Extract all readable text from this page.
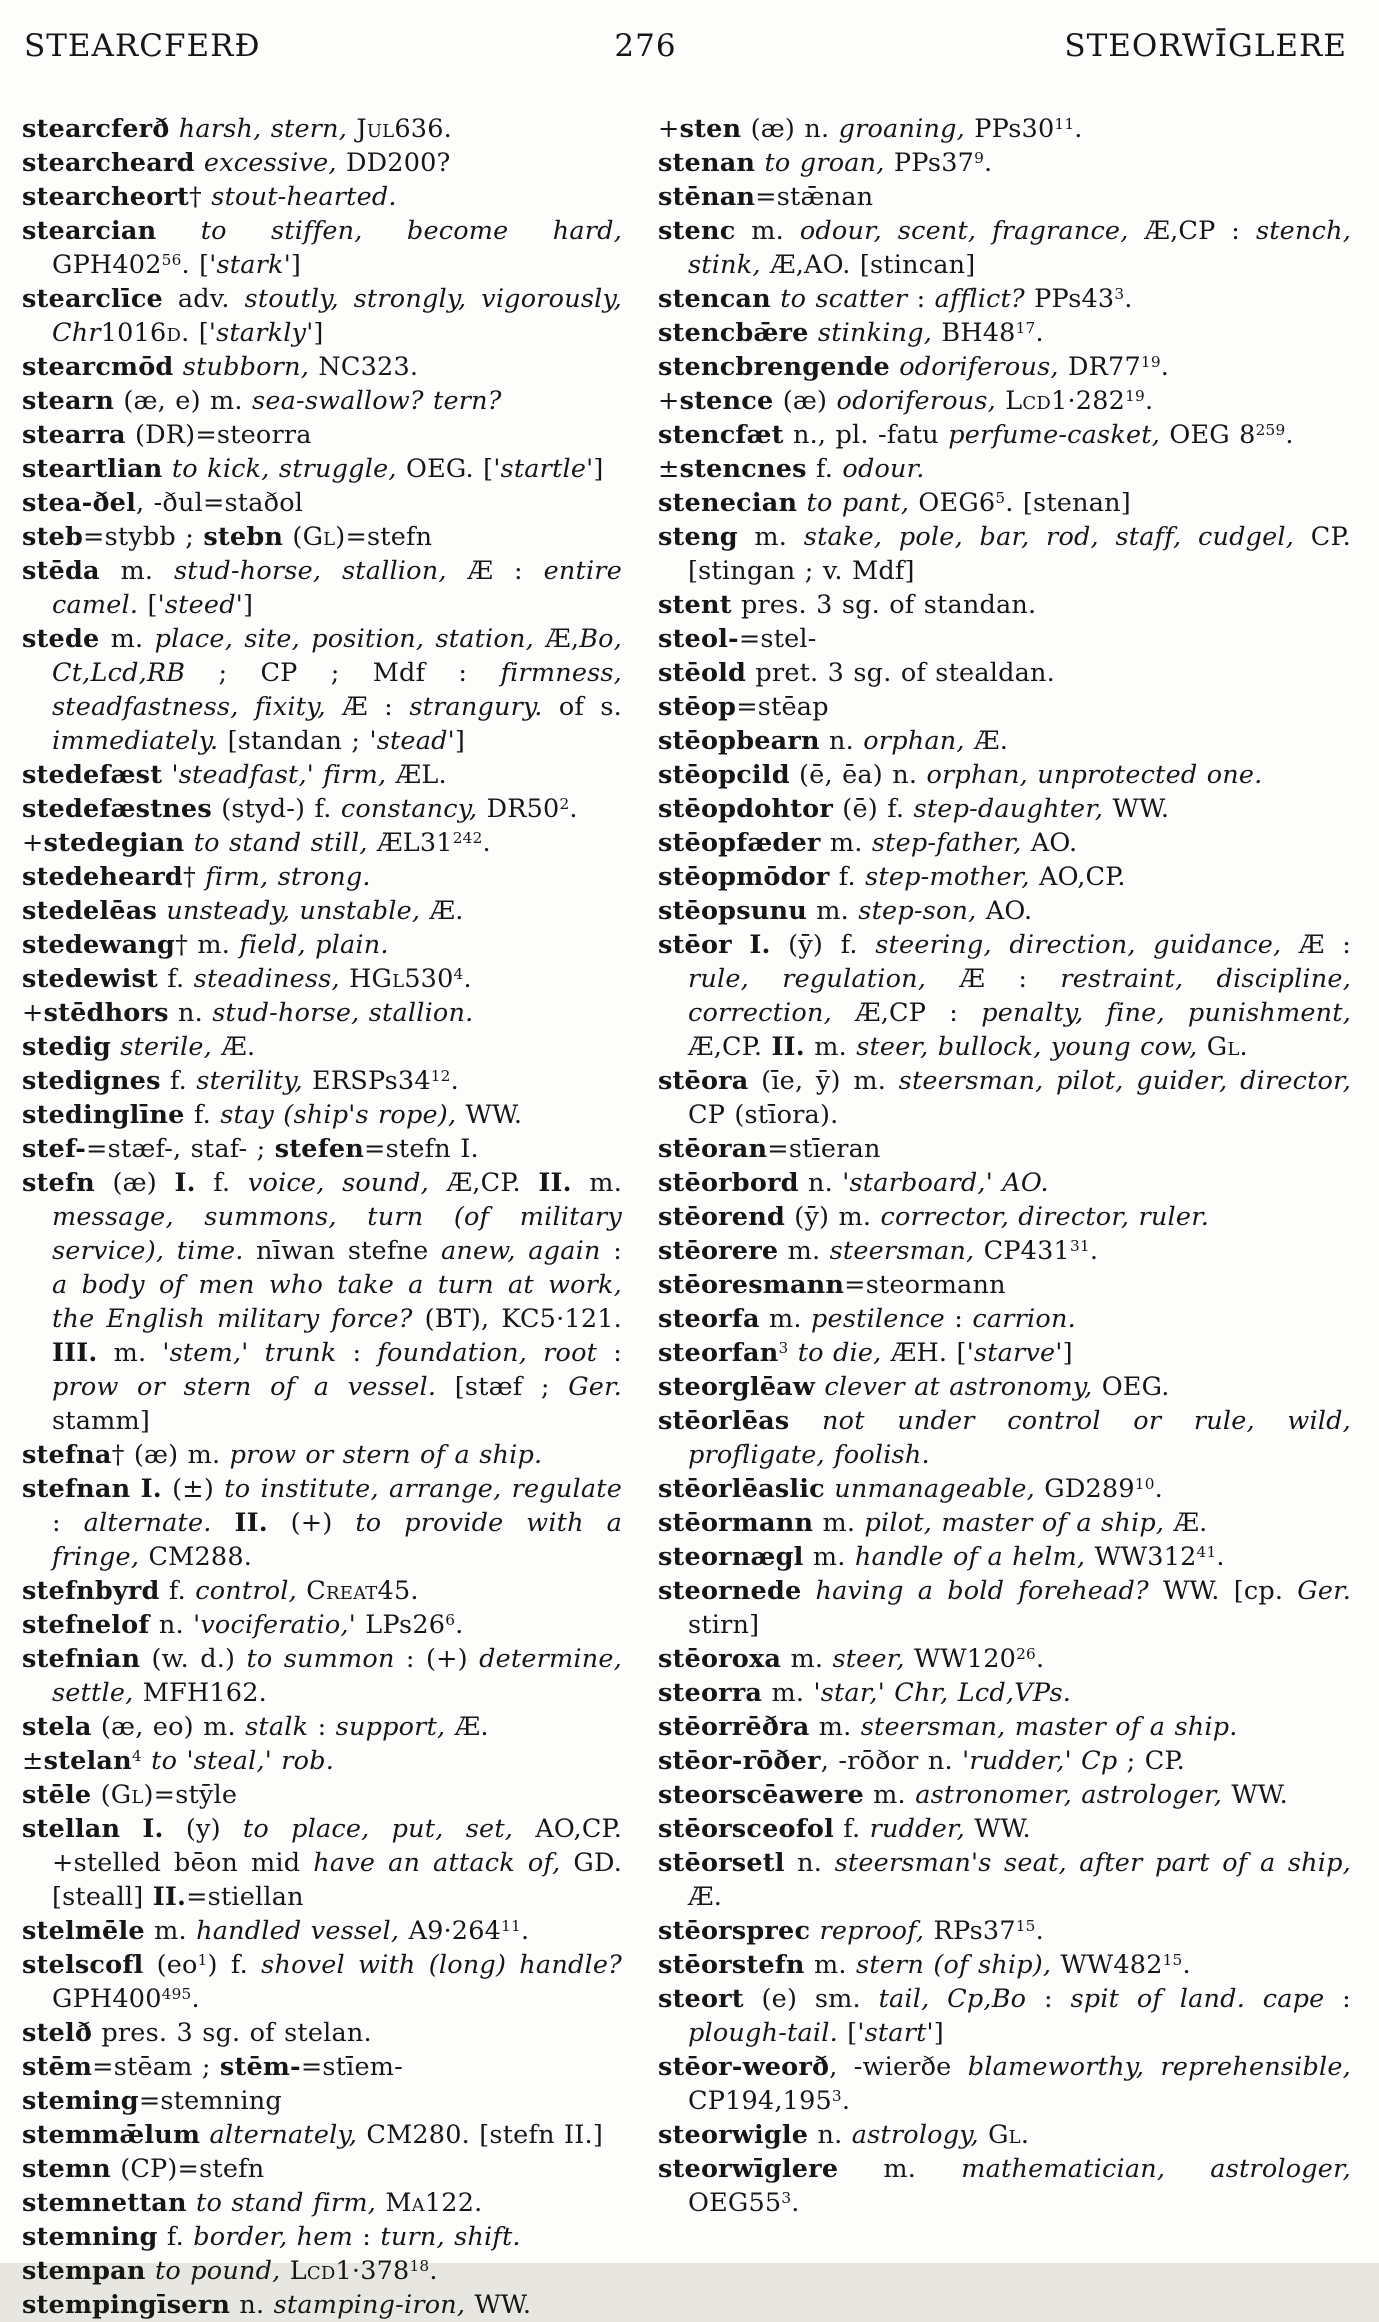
STEARCFERÐ	276	STEORWĪGLERE

stearcferð harsh, stern, Jul636.

stearcheard excessive, DD200?

stearcheort† stout-hearted.

stearcian to stiffen, become hard, $GPH402^{56}$. ['stark']

stearclīce adv. stoutly, strongly, vigorously, Chr1016d. ['starkly']

stearcmōd stubborn, NC323.

stearn (æ, e) m. sea-swallow? tern?

stearra (DR)=steorra

steartlian to kick, struggle, OEG. ['startle']

stea-ðel, -ðul=staðol

steb=stybb ; stebn (Gl)=stefn

stēda m. stud-horse, stallion, Æ : entire camel. ['steed']

stede m. place, site, position, station, Æ,Bo, Ct,Lcd,RB ; CP ; Mdf : firmness, steadfastness, fixity, Æ : strangury. of s. immediately. [standan ; 'stead']

stedefæst 'steadfast,' firm, ÆL.

stedefæstnes (styd-) f. constancy, $DR50^2$.

+stedegian to stand still, $ÆL31^{242}$.

stedeheard† firm, strong.

stedelēas unsteady, unstable, Æ.

stedewang† m. field, plain.

stedewist f. steadiness, $HGl530^4$.

+stēdhors n. stud-horse, stallion.

stedig sterile, Æ.

stedignes f. sterility, $ERSPs34^{12}$.

stedinglīne f. stay (ship's rope), WW.

stef-=stæf-, staf- ; stefen=stefn I.

stefn (æ) I. f. voice, sound, Æ,CP. II. m. message, summons, turn (of military service), time. nīwan stefne anew, again : a body of men who take a turn at work, the English military force? (BT), KC5·121. III. m. 'stem,' trunk : foundation, root : prow or stern of a vessel. [stæf ; Ger. stamm]

stefna† (æ) m. prow or stern of a ship.

stefnan I. (±) to institute, arrange, regulate : alternate. II. (+) to provide with a fringe, CM288.

stefnbyrd f. control, Creat45.

stefnelof n. 'vociferatio,' $LPs26^6$.

stefnian (w. d.) to summon : (+) determine, settle, MFH162.

stela (æ, eo) m. stalk : support, Æ.

±stelan$^4$ to 'steal,' rob.

stēle (Gl)=stȳle

stellan I. (y) to place, put, set, AO,CP. +stelled bēon mid have an attack of, GD. [steall] II.=stiellan

stelmēle m. handled vessel, $A9\cdot 264^{11}$.

stelscofl $(eo^1)$ f. shovel with (long) handle? $GPH400^{495}$.

stelð pres. 3 sg. of stelan.

stēm=stēam ; stēm-=stīem-

steming=stemning

stemmǣlum alternately, CM280. [stefn II.]

stemn (CP)=stefn

stemnettan to stand firm, Ma122.

stemning f. border, hem : turn, shift.

stempan to pound, $Lcd1\cdot 378^{18}$.

stempingīsern n. stamping-iron, WW.

+sten (æ) n. groaning, $PPs30^{11}$.

stenan to groan, $PPs37^9$.

stēnan=stǣnan

stenc m. odour, scent, fragrance, Æ,CP : stench, stink, Æ,AO. [stincan]

stencan to scatter : afflict? $PPs43^3$.

stencbǣre stinking, $BH48^{17}$.

stencbrengende odoriferous, $DR77^{19}$.

+stence (æ) odoriferous, $Lcd1\cdot 282^{19}$.

stencfæt n., pl. -fatu perfume-casket, OEG $8^{259}$.

±stencnes f. odour.

stenecian to pant, $OEG6^5$. [stenan]

steng m. stake, pole, bar, rod, staff, cudgel, CP. [stingan ; v. Mdf]

stent pres. 3 sg. of standan.

steol-=stel-

stēold pret. 3 sg. of stealdan.

stēop=stēap

stēopbearn n. orphan, Æ.

stēopcild (ē, ēa) n. orphan, unprotected one.

stēopdohtor (ē) f. step-daughter, WW.

stēopfæder m. step-father, AO.

stēopmōdor f. step-mother, AO,CP.

stēopsunu m. step-son, AO.

stēor I. (ȳ) f. steering, direction, guidance, Æ : rule, regulation, Æ : restraint, discipline, correction, Æ,CP : penalty, fine, punishment, Æ,CP. II. m. steer, bullock, young cow, Gl.

stēora (īe, ȳ) m. steersman, pilot, guider, director, CP (stīora).

stēoran=stīeran

stēorbord n. 'starboard,' AO.

stēorend (ȳ) m. corrector, director, ruler.

stēorere m. steersman, $CP431^{31}$.

stēoresmann=steormann

steorfa m. pestilence : carrion.

steorfan$^3$ to die, ÆH. ['starve']

steorglēaw clever at astronomy, OEG.

stēorlēas not under control or rule, wild, profligate, foolish.

stēorlēaslic unmanageable, $GD289^{10}$.

stēormann m. pilot, master of a ship, Æ.

steornægl m. handle of a helm, $WW312^{41}$.

steornede having a bold forehead? WW. [cp. Ger. stirn]

stēoroxa m. steer, $WW120^{26}$.

steorra m. 'star,' Chr, Lcd,VPs.

stēorrēðra m. steersman, master of a ship.

stēor-rōðer, -rōðor n. 'rudder,' Cp ; CP.

steorscēawere m. astronomer, astrologer, WW.

stēorsceofol f. rudder, WW.

stēorsetl n. steersman's seat, after part of a ship, Æ.

stēorsprec reproof, $RPs37^{15}$.

stēorstefn m. stern (of ship), $WW482^{15}$.

steort (e) sm. tail, Cp,Bo : spit of land. cape : plough-tail. ['start']

stēor-weorð, -wierðe blameworthy, reprehensible, CP194,195$^3$.

steorwigle n. astrology, Gl.

steorwīglere m. mathematician, astrologer, $OEG55^3$.
